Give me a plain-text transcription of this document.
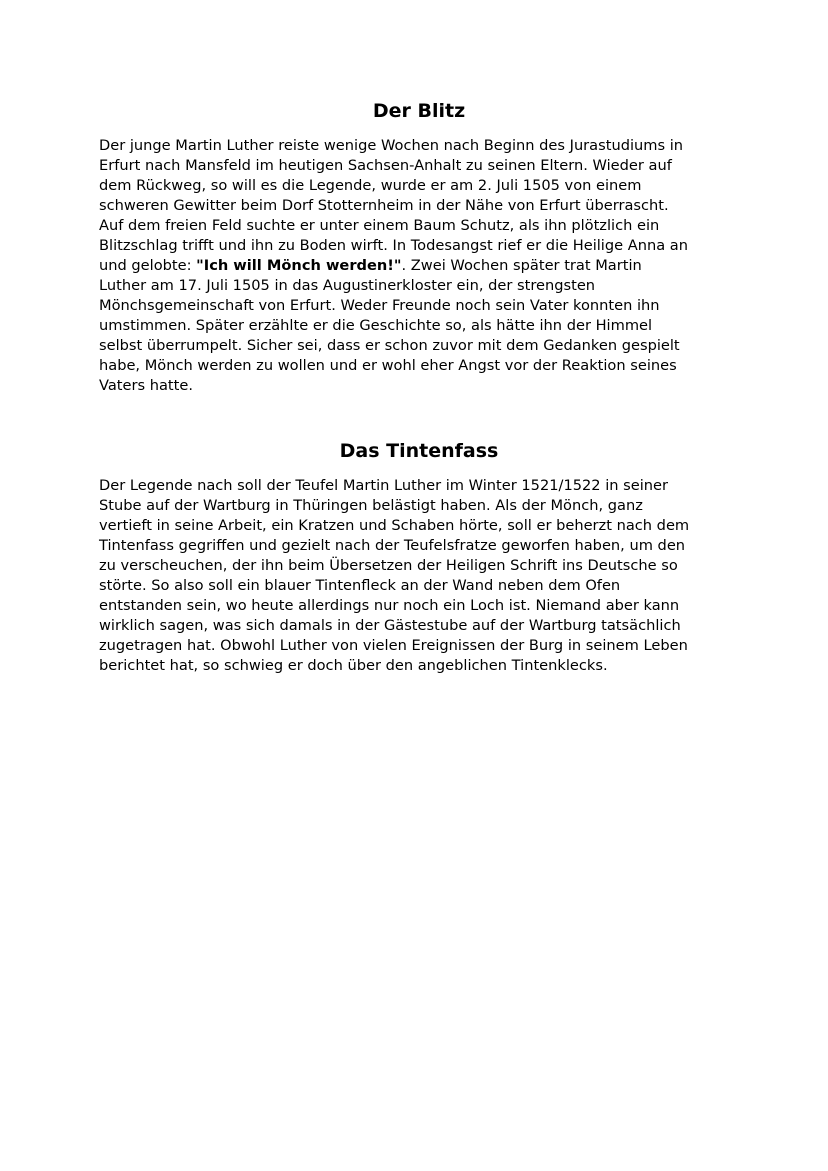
Der Blitz

Der junge Martin Luther reiste wenige Wochen nach Beginn des Jurastudiums in
Erfurt nach Mansfeld im heutigen Sachsen-Anhalt zu seinen Eltern. Wieder auf
dem Rückweg, so will es die Legende, wurde er am 2. Juli 1505 von einem
schweren Gewitter beim Dorf Stotternheim in der Nähe von Erfurt überrascht.
Auf dem freien Feld suchte er unter einem Baum Schutz, als ihn plötzlich ein
Blitzschlag trifft und ihn zu Boden wirft. In Todesangst rief er die Heilige Anna an
und gelobte: "Ich will Mönch werden!". Zwei Wochen später trat Martin
Luther am 17. Juli 1505 in das Augustinerkloster ein, der strengsten
Mönchsgemeinschaft von Erfurt. Weder Freunde noch sein Vater konnten ihn
umstimmen. Später erzählte er die Geschichte so, als hätte ihn der Himmel
selbst überrumpelt. Sicher sei, dass er schon zuvor mit dem Gedanken gespielt
habe, Mönch werden zu wollen und er wohl eher Angst vor der Reaktion seines
Vaters hatte.

Das Tintenfass

Der Legende nach soll der Teufel Martin Luther im Winter 1521/1522 in seiner
Stube auf der Wartburg in Thüringen belästigt haben. Als der Mönch, ganz
vertieft in seine Arbeit, ein Kratzen und Schaben hörte, soll er beherzt nach dem
Tintenfass gegriffen und gezielt nach der Teufelsfratze geworfen haben, um den
zu verscheuchen, der ihn beim Übersetzen der Heiligen Schrift ins Deutsche so
störte. So also soll ein blauer Tintenfleck an der Wand neben dem Ofen
entstanden sein, wo heute allerdings nur noch ein Loch ist. Niemand aber kann
wirklich sagen, was sich damals in der Gästestube auf der Wartburg tatsächlich
zugetragen hat. Obwohl Luther von vielen Ereignissen der Burg in seinem Leben
berichtet hat, so schwieg er doch über den angeblichen Tintenklecks.
